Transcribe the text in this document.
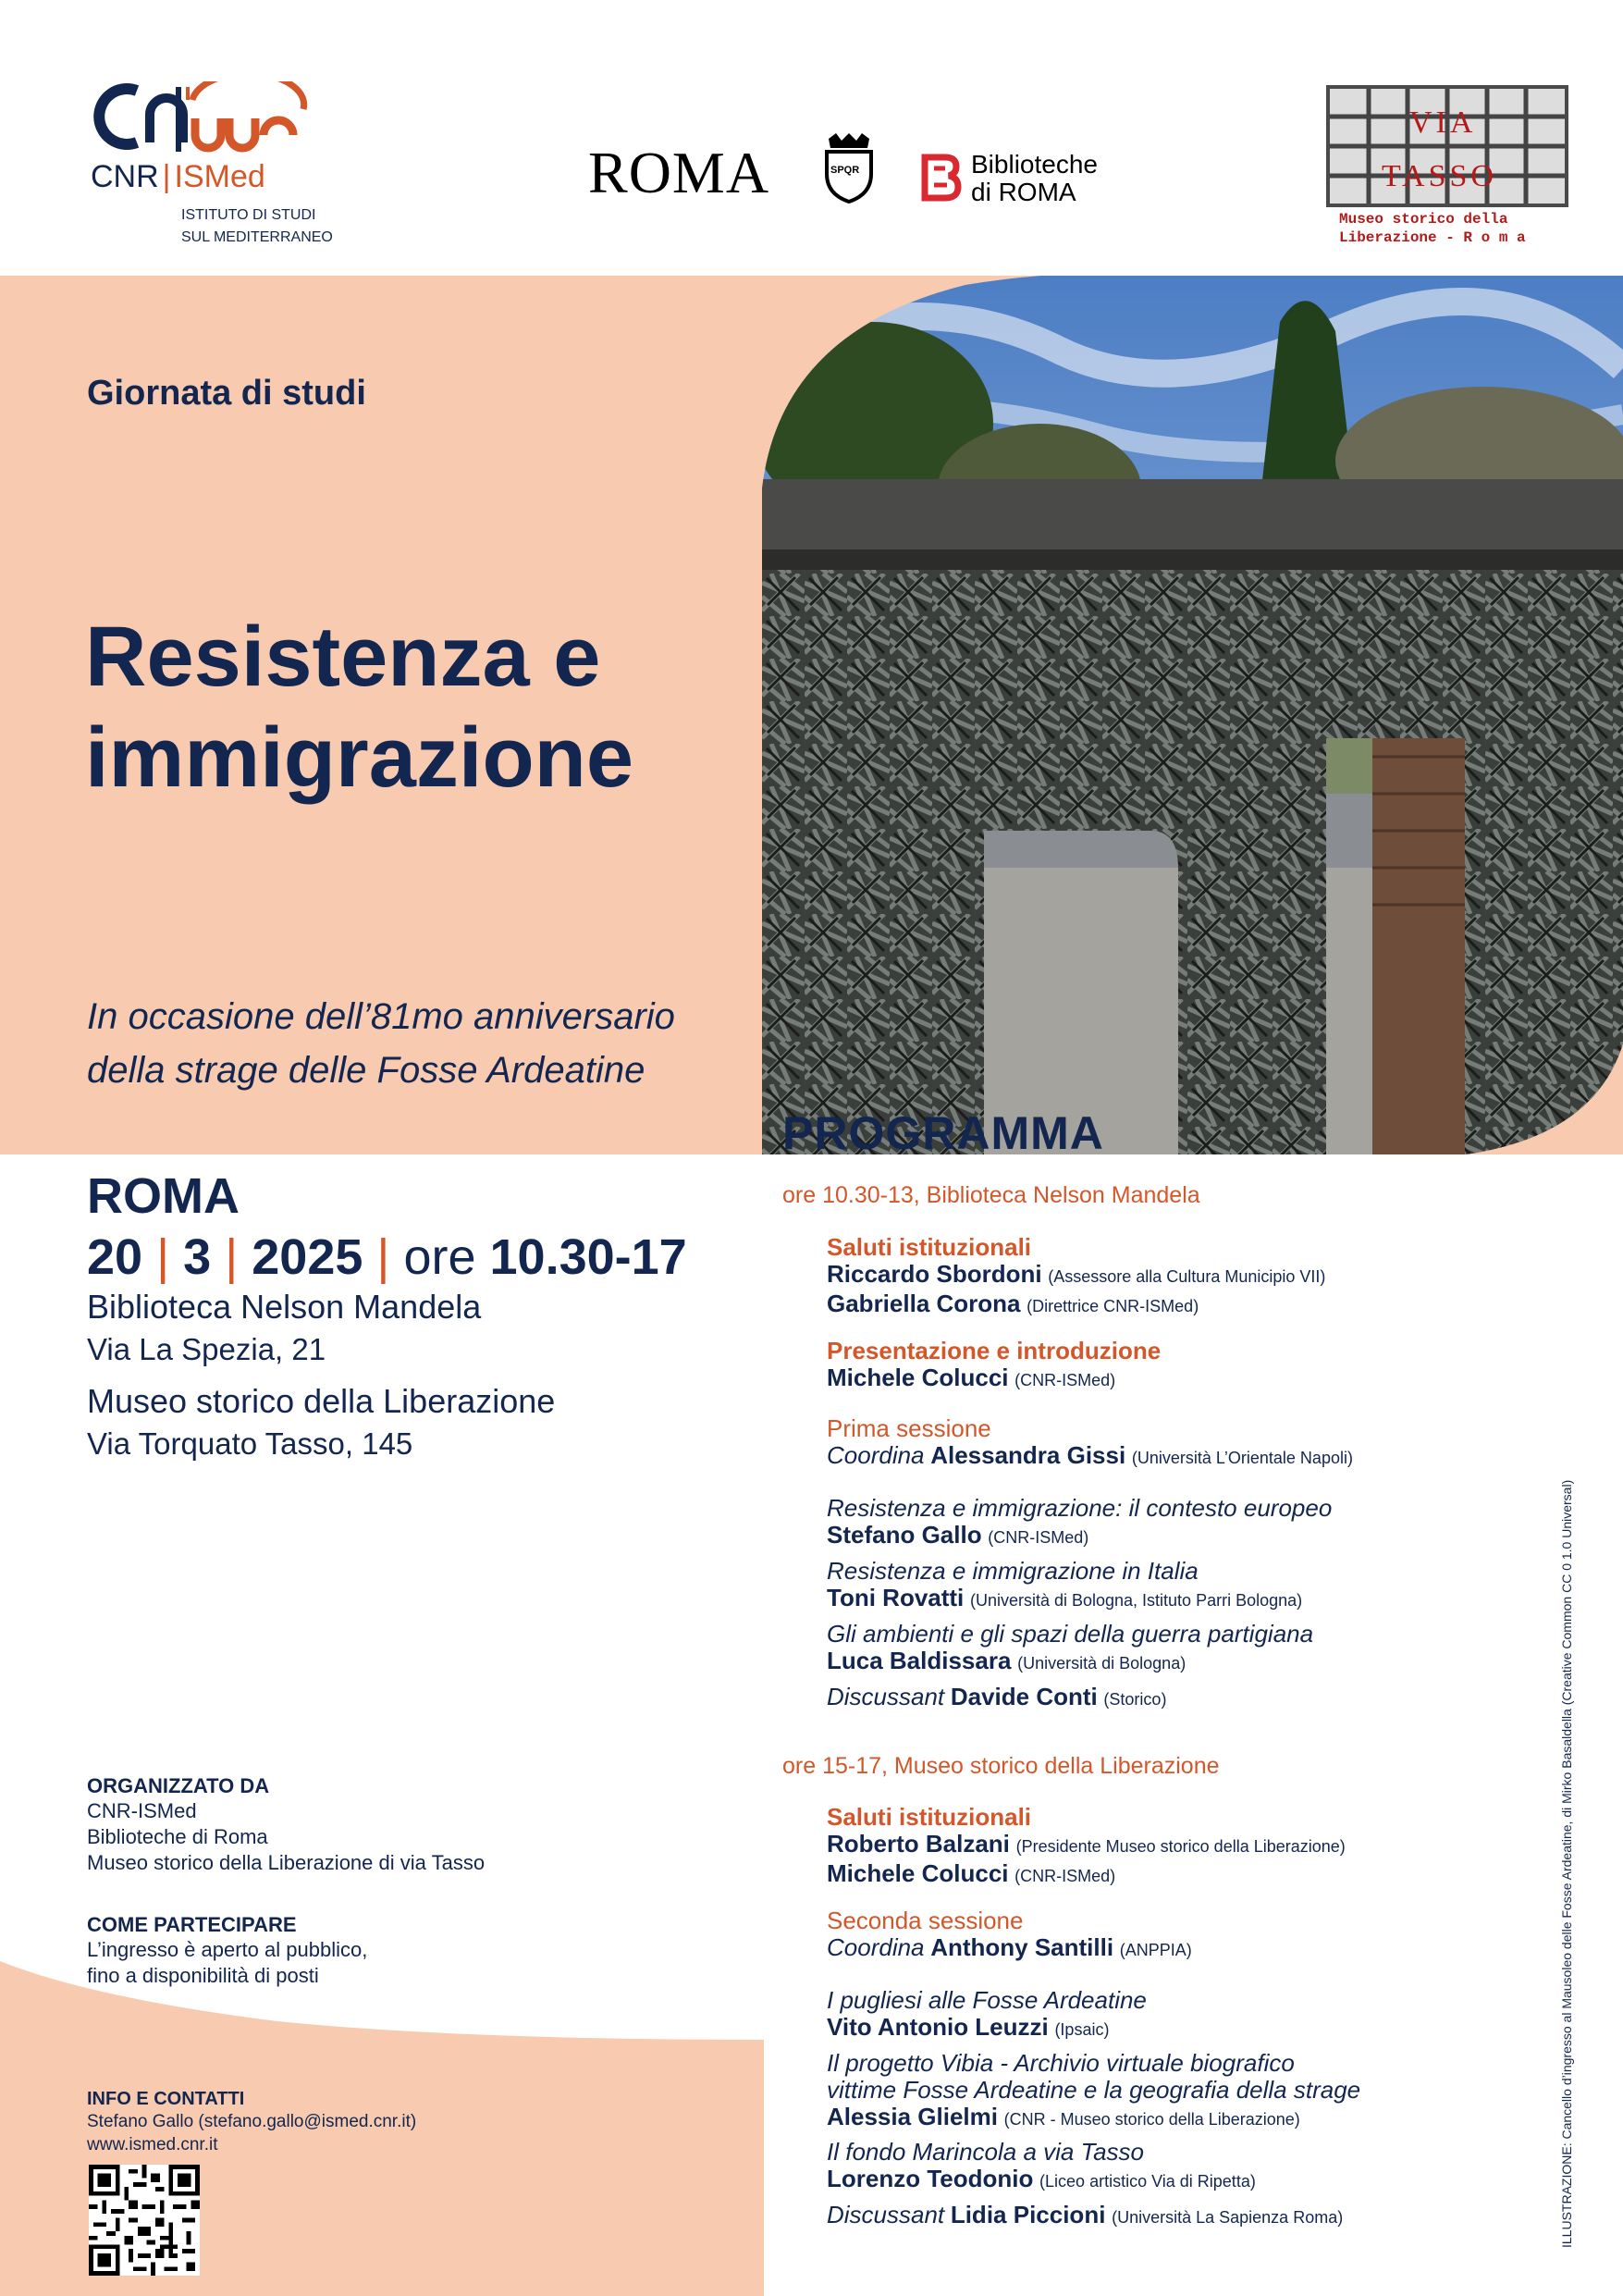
CNR | ISMed
ISTITUTO DI STUDI
SUL MEDITERRANEO
ROMA	SPQR	Biblioteche
di ROMA
VIA
TASSO
Museo storico della
Liberazione - R o m a
Giornata di studi
Resistenza e
immigrazione
In occasione dell’81mo anniversario
della strage delle Fosse Ardeatine
ROMA
20 | 3 | 2025 | ore 10.30-17
Biblioteca Nelson Mandela
Via La Spezia, 21
Museo storico della Liberazione
Via Torquato Tasso, 145
PROGRAMMA
ore 10.30-13, Biblioteca Nelson Mandela
Saluti istituzionali
Riccardo Sbordoni (Assessore alla Cultura Municipio VII)
Gabriella Corona (Direttrice CNR-ISMed)
Presentazione e introduzione
Michele Colucci (CNR-ISMed)
Prima sessione
Coordina Alessandra Gissi (Università L’Orientale Napoli)
Resistenza e immigrazione: il contesto europeo
Stefano Gallo (CNR-ISMed)
Resistenza e immigrazione in Italia
Toni Rovatti (Università di Bologna, Istituto Parri Bologna)
Gli ambienti e gli spazi della guerra partigiana
Luca Baldissara (Università di Bologna)
Discussant Davide Conti (Storico)
ore 15-17, Museo storico della Liberazione
Saluti istituzionali
Roberto Balzani (Presidente Museo storico della Liberazione)
Michele Colucci (CNR-ISMed)
Seconda sessione
Coordina Anthony Santilli (ANPPIA)
I pugliesi alle Fosse Ardeatine
Vito Antonio Leuzzi (Ipsaic)
Il progetto Vibia - Archivio virtuale biografico
vittime Fosse Ardeatine e la geografia della strage
Alessia Glielmi (CNR - Museo storico della Liberazione)
Il fondo Marincola a via Tasso
Lorenzo Teodonio (Liceo artistico Via di Ripetta)
Discussant Lidia Piccioni (Università La Sapienza Roma)
ORGANIZZATO DA
CNR-ISMed
Biblioteche di Roma
Museo storico della Liberazione di via Tasso
COME PARTECIPARE
L’ingresso è aperto al pubblico,
fino a disponibilità di posti
INFO E CONTATTI
Stefano Gallo (stefano.gallo@ismed.cnr.it)
www.ismed.cnr.it	ILLUSTRAZIONE: Cancello d’ingresso al Mausoleo delle Fosse Ardeatine, di Mirko Basaldella (Creative Common CC 0 1.0 Universal)
